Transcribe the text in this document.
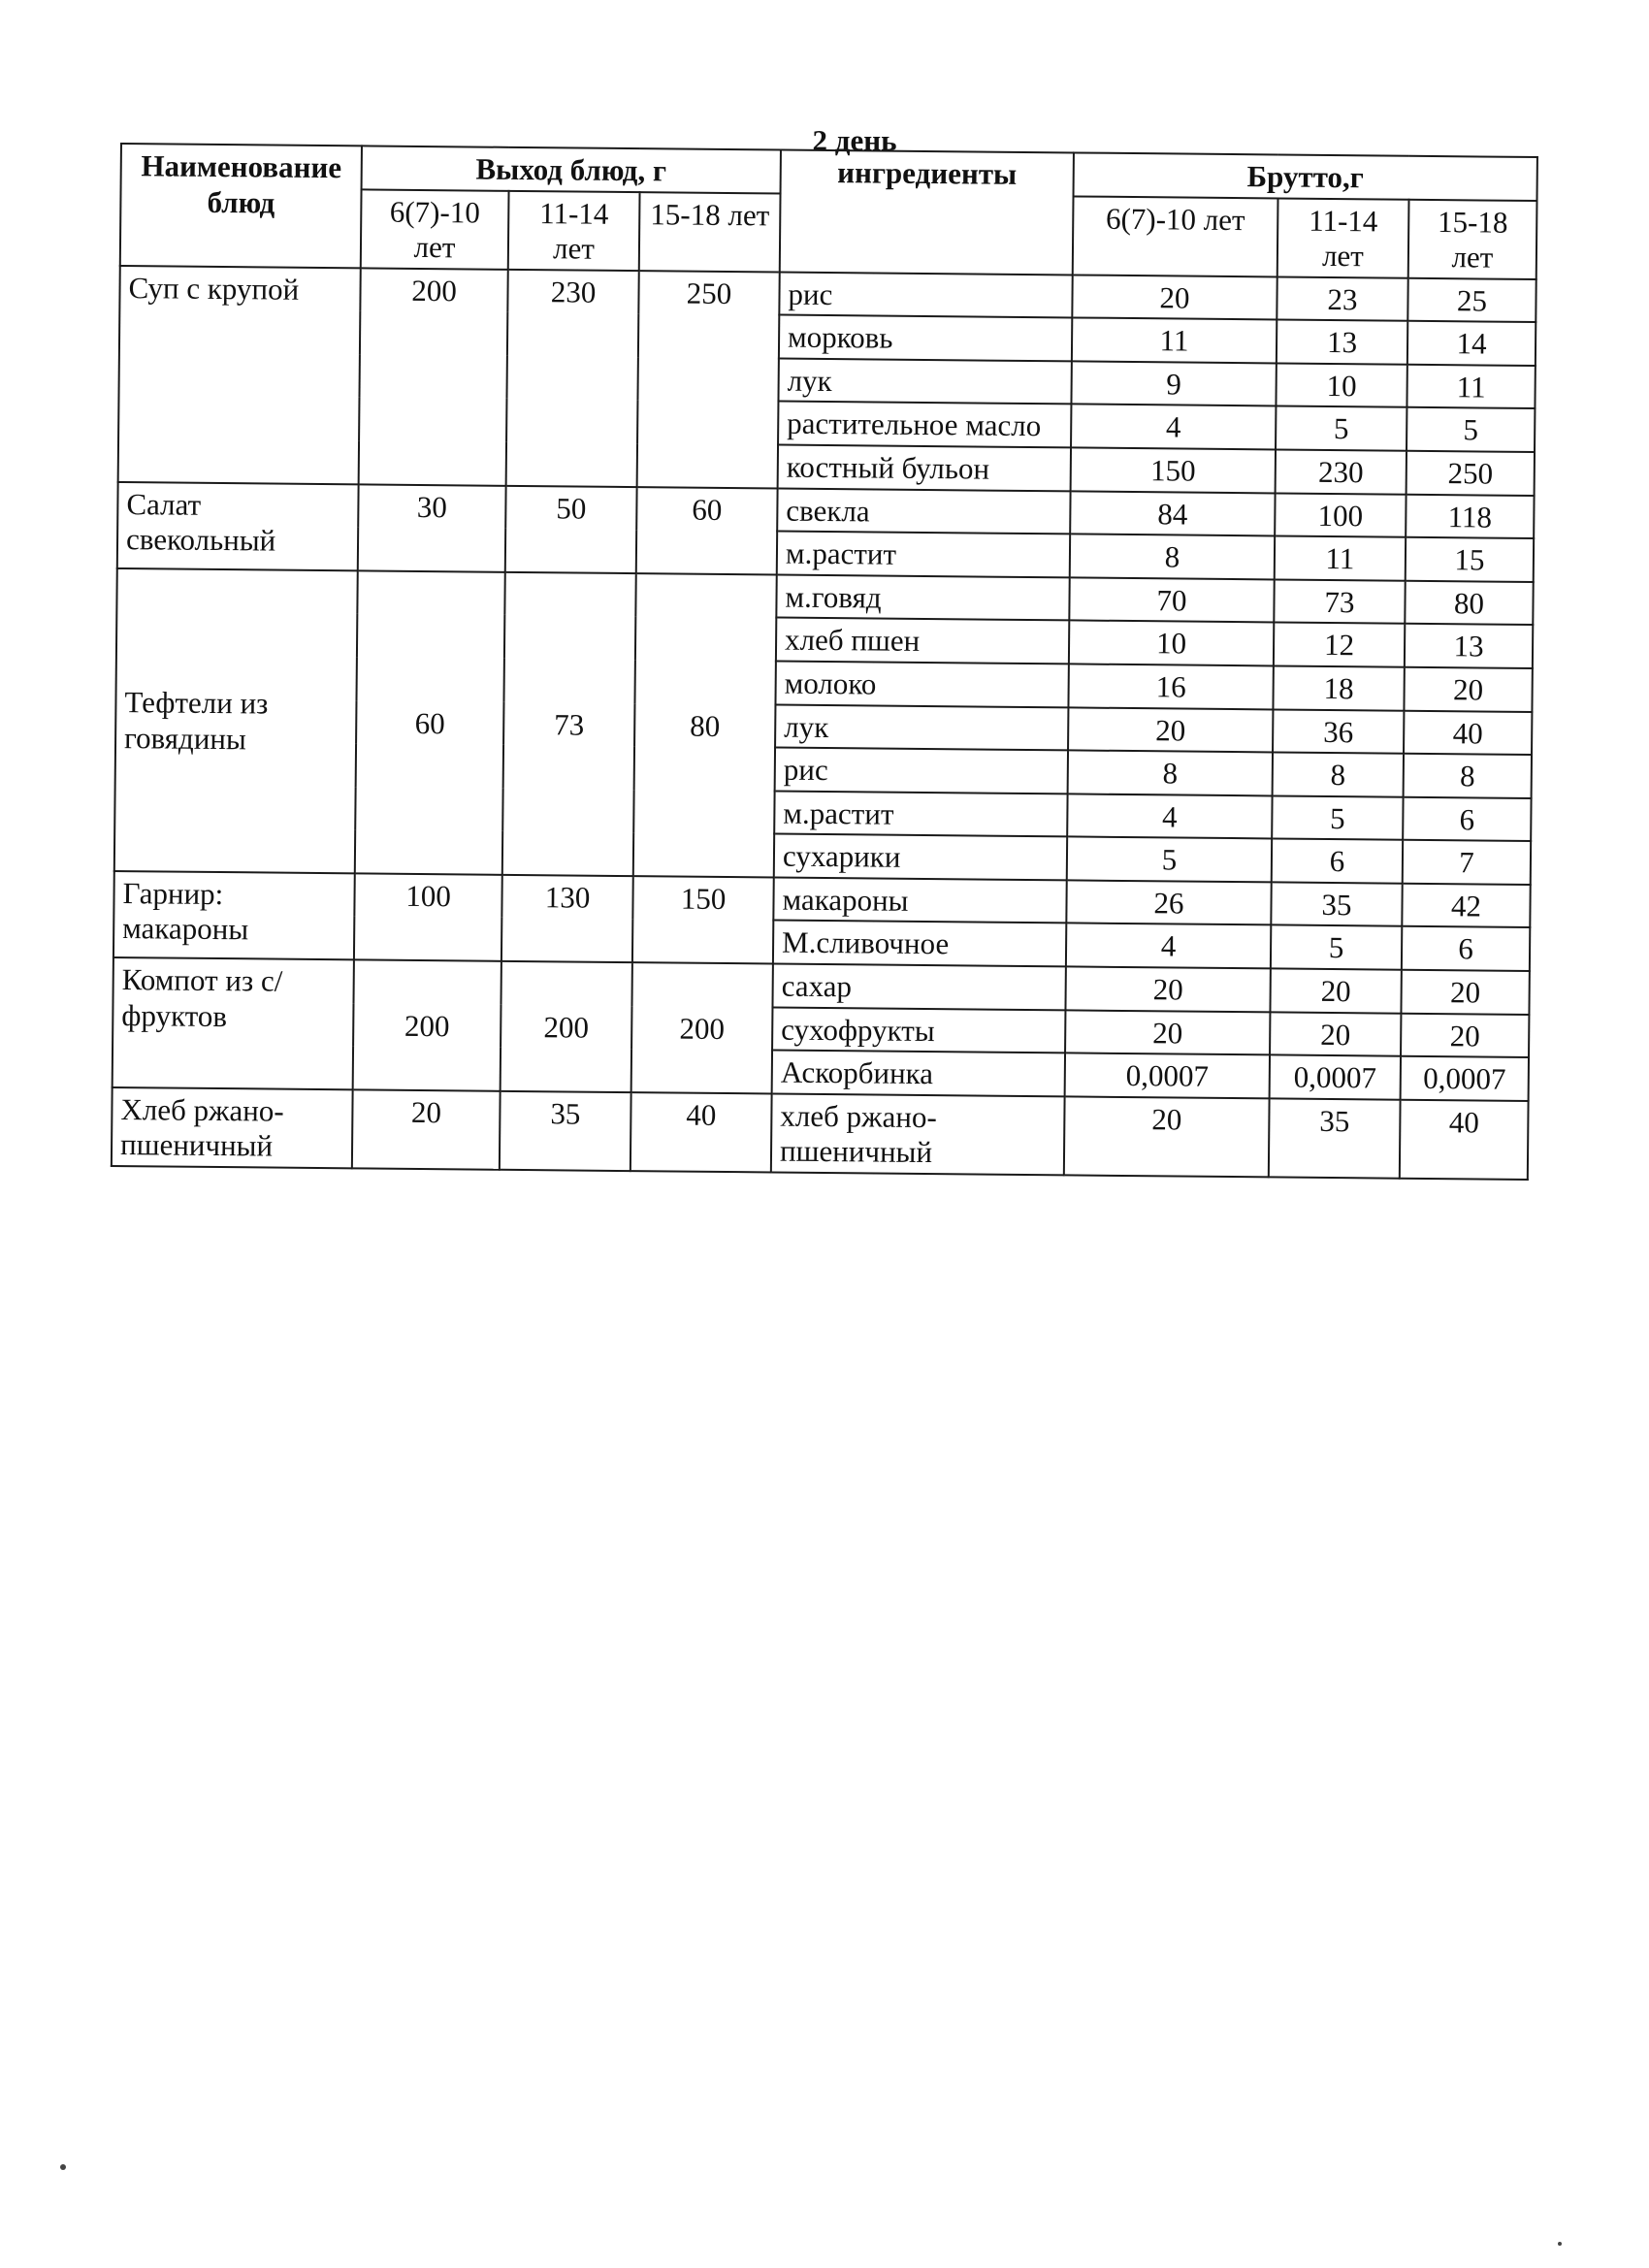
2 день
Наименование блюд	Выход блюд, г			ингредиенты	Брутто,г		
	6(7)-10 лет	11-14 лет	15-18 лет		6(7)-10 лет	11-14 лет	15-18 лет
Суп с крупой	200	230	250	рис	20	23	25
				морковь	11	13	14
				лук	9	10	11
				растительное масло	4	5	5
				костный бульон	150	230	250
Салат свекольный	30	50	60	свекла	84	100	118
				м.растит	8	11	15
Тефтели из говядины	60	73	80	м.говяд	70	73	80
				хлеб пшен	10	12	13
				молоко	16	18	20
				лук	20	36	40
				рис	8	8	8
				м.растит	4	5	6
				сухарики	5	6	7
Гарнир: макароны	100	130	150	макароны	26	35	42
				М.сливочное	4	5	6
Компот из с/фруктов	200	200	200	сахар	20	20	20
				сухофрукты	20	20	20
				Аскорбинка	0,0007	0,0007	0,0007
Хлеб ржано-пшеничный	20	35	40	хлеб ржано-пшеничный	20	35	40
